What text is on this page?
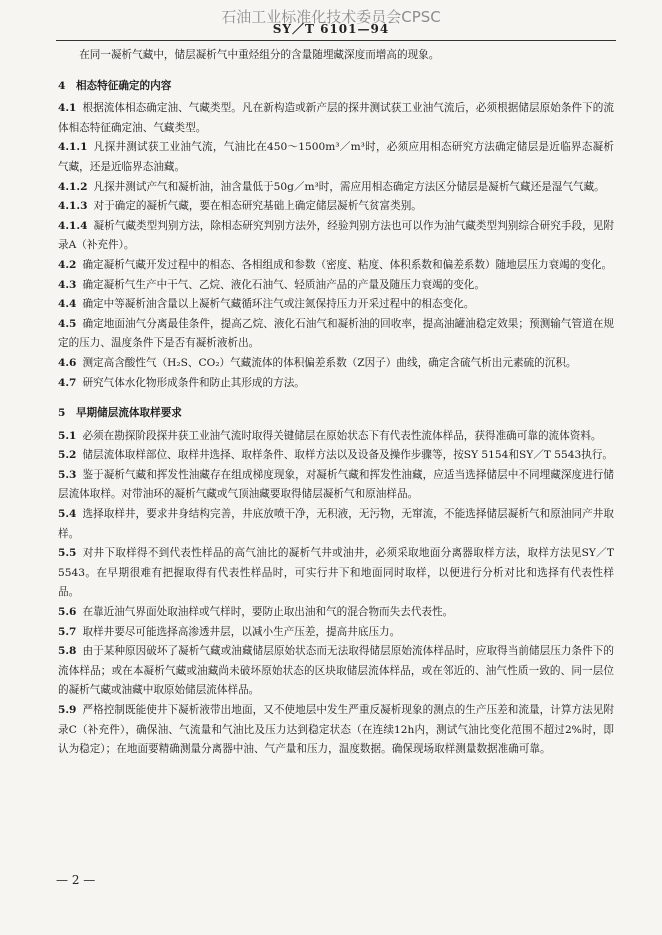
石油工业标准化技术委员会CPSC
SY／T 6101—94

在同一凝析气藏中，储层凝析气中重烃组分的含量随埋藏深度而增高的现象。

4　相态特征确定的内容

4.1 根据流体相态确定油、气藏类型。凡在新构造或新产层的探井测试获工业油气流后，必须根据储层原始条件下的流体相态特征确定油、气藏类型。

4.1.1 凡探井测试获工业油气流，气油比在450～1500m³／m³时，必须应用相态研究方法确定储层是近临界态凝析气藏，还是近临界态油藏。

4.1.2 凡探井测试产气和凝析油，油含量低于50g／m³时，需应用相态确定方法区分储层是凝析气藏还是湿气气藏。

4.1.3 对于确定的凝析气藏，要在相态研究基础上确定储层凝析气贫富类别。

4.1.4 凝析气藏类型判别方法，除相态研究判别方法外，经验判别方法也可以作为油气藏类型判别综合研究手段，见附录A（补充件）。

4.2 确定凝析气藏开发过程中的相态、各相组成和参数（密度、粘度、体积系数和偏差系数）随地层压力衰竭的变化。

4.3 确定凝析气生产中干气、乙烷、液化石油气、轻质油产品的产量及随压力衰竭的变化。

4.4 确定中等凝析油含量以上凝析气藏循环注气或注氮保持压力开采过程中的相态变化。

4.5 确定地面油气分离最佳条件，提高乙烷、液化石油气和凝析油的回收率，提高油罐油稳定效果；预测输气管道在规定的压力、温度条件下是否有凝析液析出。

4.6 测定高含酸性气（H₂S、CO₂）气藏流体的体积偏差系数（Z因子）曲线，确定含硫气析出元素硫的沉积。

4.7 研究气体水化物形成条件和防止其形成的方法。

5　早期储层流体取样要求

5.1 必须在勘探阶段探井获工业油气流时取得关键储层在原始状态下有代表性流体样品，获得准确可靠的流体资料。

5.2 储层流体取样部位、取样井选择、取样条件、取样方法以及设备及操作步骤等，按SY 5154和SY／T 5543执行。

5.3 鉴于凝析气藏和挥发性油藏存在组成梯度现象，对凝析气藏和挥发性油藏，应适当选择储层中不同埋藏深度进行储层流体取样。对带油环的凝析气藏或气顶油藏要取得储层凝析气和原油样品。

5.4 选择取样井，要求井身结构完善，井底放喷干净，无积液，无污物，无窜流，不能选择储层凝析气和原油同产井取样。

5.5 对井下取样得不到代表性样品的高气油比的凝析气井或油井，必须采取地面分离器取样方法，取样方法见SY／T 5543。在早期很难有把握取得有代表性样品时，可实行井下和地面同时取样，以便进行分析对比和选择有代表性样品。

5.6 在靠近油气界面处取油样或气样时，要防止取出油和气的混合物而失去代表性。

5.7 取样井要尽可能选择高渗透井层，以减小生产压差，提高井底压力。

5.8 由于某种原因破坏了凝析气藏或油藏储层原始状态而无法取得储层原始流体样品时，应取得当前储层压力条件下的流体样品；或在本凝析气藏或油藏尚未破坏原始状态的区块取储层流体样品，或在邻近的、油气性质一致的、同一层位的凝析气藏或油藏中取原始储层流体样品。

5.9 严格控制既能使井下凝析液带出地面，又不使地层中发生严重反凝析现象的测点的生产压差和流量，计算方法见附录C（补充件），确保油、气流量和气油比及压力达到稳定状态（在连续12h内，测试气油比变化范围不超过2%时，即认为稳定）；在地面要精确测量分离器中油、气产量和压力，温度数据。确保现场取样测量数据准确可靠。

— 2 —
